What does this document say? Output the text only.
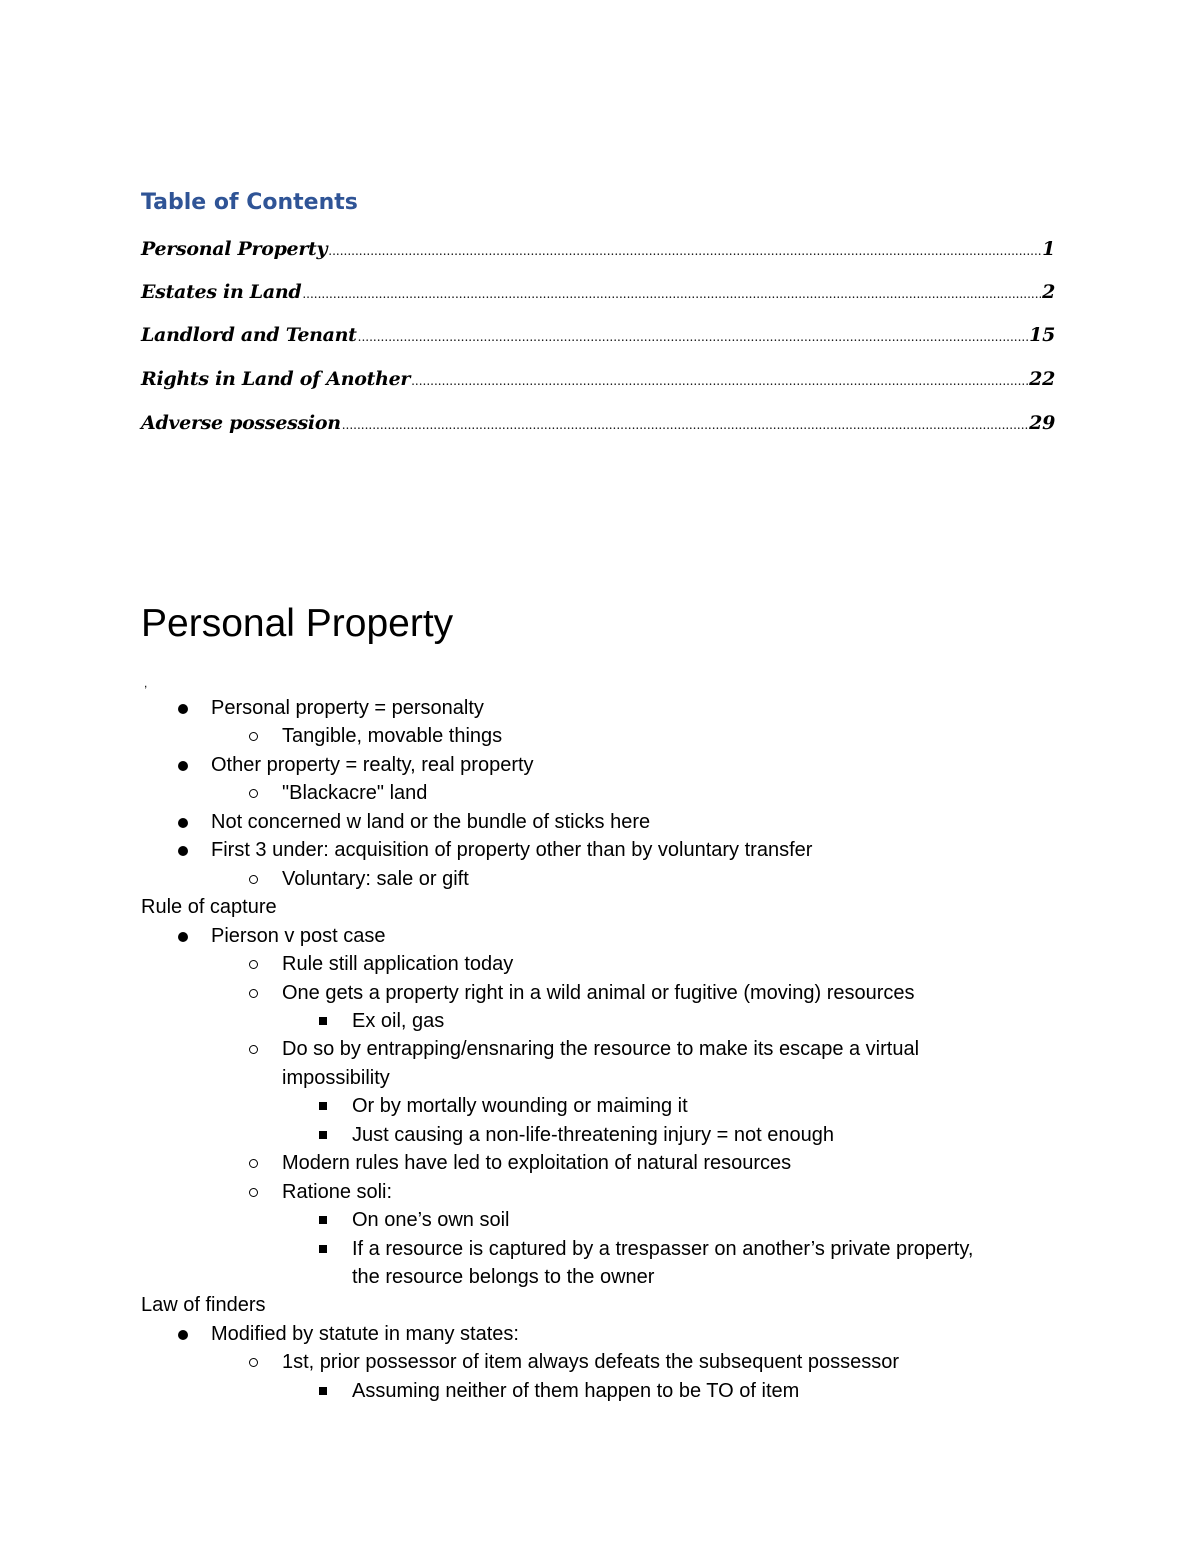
Table of Contents
Personal Property .....	1
Estates in Land .....	2
Landlord and Tenant .....	15
Rights in Land of Another .....	22
Adverse possession .....	29
Personal Property
,
Personal property = personalty
Tangible, movable things
Other property = realty, real property
"Blackacre" land
Not concerned w land or the bundle of sticks here
First 3 under: acquisition of property other than by voluntary transfer
Voluntary: sale or gift
Rule of capture
Pierson v post case
Rule still application today
One gets a property right in a wild animal or fugitive (moving) resources
Ex oil, gas
Do so by entrapping/ensnaring the resource to make its escape a virtual
impossibility
Or by mortally wounding or maiming it
Just causing a non-life-threatening injury = not enough
Modern rules have led to exploitation of natural resources
Ratione soli:
On one’s own soil
If a resource is captured by a trespasser on another’s private property,
the resource belongs to the owner
Law of finders
Modified by statute in many states:
1st, prior possessor of item always defeats the subsequent possessor
Assuming neither of them happen to be TO of item
